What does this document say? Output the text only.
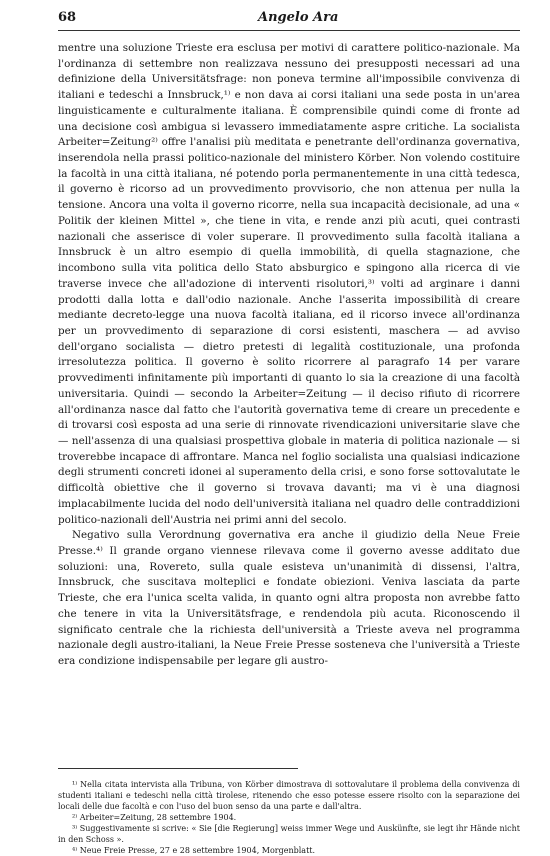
68	Angelo Ara

mentre una soluzione Trieste era esclusa per motivi di carattere politico-nazionale. Ma l'ordinanza di settembre non realizzava nessuno dei presupposti necessari ad una definizione della Universitätsfrage: non poneva termine all'impossibile convivenza di italiani e tedeschi a Innsbruck,¹⁾ e non dava ai corsi italiani una sede posta in un'area linguisticamente e culturalmente italiana. È comprensibile quindi come di fronte ad una decisione così ambigua si levassero immediatamente aspre critiche. La socialista Arbeiter=Zeitung²⁾ offre l'analisi più meditata e penetrante dell'ordinanza governativa, inserendola nella prassi politico-nazionale del ministero Körber. Non volendo costituire la facoltà in una città italiana, né potendo porla permanentemente in una città tedesca, il governo è ricorso ad un provvedimento provvisorio, che non attenua per nulla la tensione. Ancora una volta il governo ricorre, nella sua incapacità decisionale, ad una « Politik der kleinen Mittel », che tiene in vita, e rende anzi più acuti, quei contrasti nazionali che asserisce di voler superare. Il provvedimento sulla facoltà italiana a Innsbruck è un altro esempio di quella immobilità, di quella stagnazione, che incombono sulla vita politica dello Stato absburgico e spingono alla ricerca di vie traverse invece che all'adozione di interventi risolutori,³⁾ volti ad arginare i danni prodotti dalla lotta e dall'odio nazionale. Anche l'asserita impossibilità di creare mediante decreto-legge una nuova facoltà italiana, ed il ricorso invece all'ordinanza per un provvedimento di separazione di corsi esistenti, maschera — ad avviso dell'organo socialista — dietro pretesti di legalità costituzionale, una profonda irresolutezza politica. Il governo è solito ricorrere al paragrafo 14 per varare provvedimenti infinitamente più importanti di quanto lo sia la creazione di una facoltà universitaria. Quindi — secondo la Arbeiter=Zeitung — il deciso rifiuto di ricorrere all'ordinanza nasce dal fatto che l'autorità governativa teme di creare un precedente e di trovarsi così esposta ad una serie di rinnovate rivendicazioni universitarie slave che — nell'assenza di una qualsiasi prospettiva globale in materia di politica nazionale — si troverebbe incapace di affrontare. Manca nel foglio socialista una qualsiasi indicazione degli strumenti concreti idonei al superamento della crisi, e sono forse sottovalutate le difficoltà obiettive che il governo si trovava davanti; ma vi è una diagnosi implacabilmente lucida del nodo dell'università italiana nel quadro delle contraddizioni politico-nazionali dell'Austria nei primi anni del secolo.

Negativo sulla Verordnung governativa era anche il giudizio della Neue Freie Presse.⁴⁾ Il grande organo viennese rilevava come il governo avesse additato due soluzioni: una, Rovereto, sulla quale esisteva un'unanimità di dissensi, l'altra, Innsbruck, che suscitava molteplici e fondate obiezioni. Veniva lasciata da parte Trieste, che era l'unica scelta valida, in quanto ogni altra proposta non avrebbe fatto che tenere in vita la Universitätsfrage, e rendendola più acuta. Riconoscendo il significato centrale che la richiesta dell'università a Trieste aveva nel programma nazionale degli austro-italiani, la Neue Freie Presse sosteneva che l'università a Trieste era condizione indispensabile per legare gli austro-

¹⁾ Nella citata intervista alla Tribuna, von Körber dimostrava di sottovalutare il problema della convivenza di studenti italiani e tedeschi nella città tirolese, ritenendo che esso potesse essere risolto con la separazione dei locali delle due facoltà e con l'uso del buon senso da una parte e dall'altra.

²⁾ Arbeiter=Zeitung, 28 settembre 1904.

³⁾ Suggestivamente si scrive: « Sie [die Regierung] weiss immer Wege und Auskünfte, sie legt ihr Hände nicht in den Schoss ».

⁴⁾ Neue Freie Presse, 27 e 28 settembre 1904, Morgenblatt.
